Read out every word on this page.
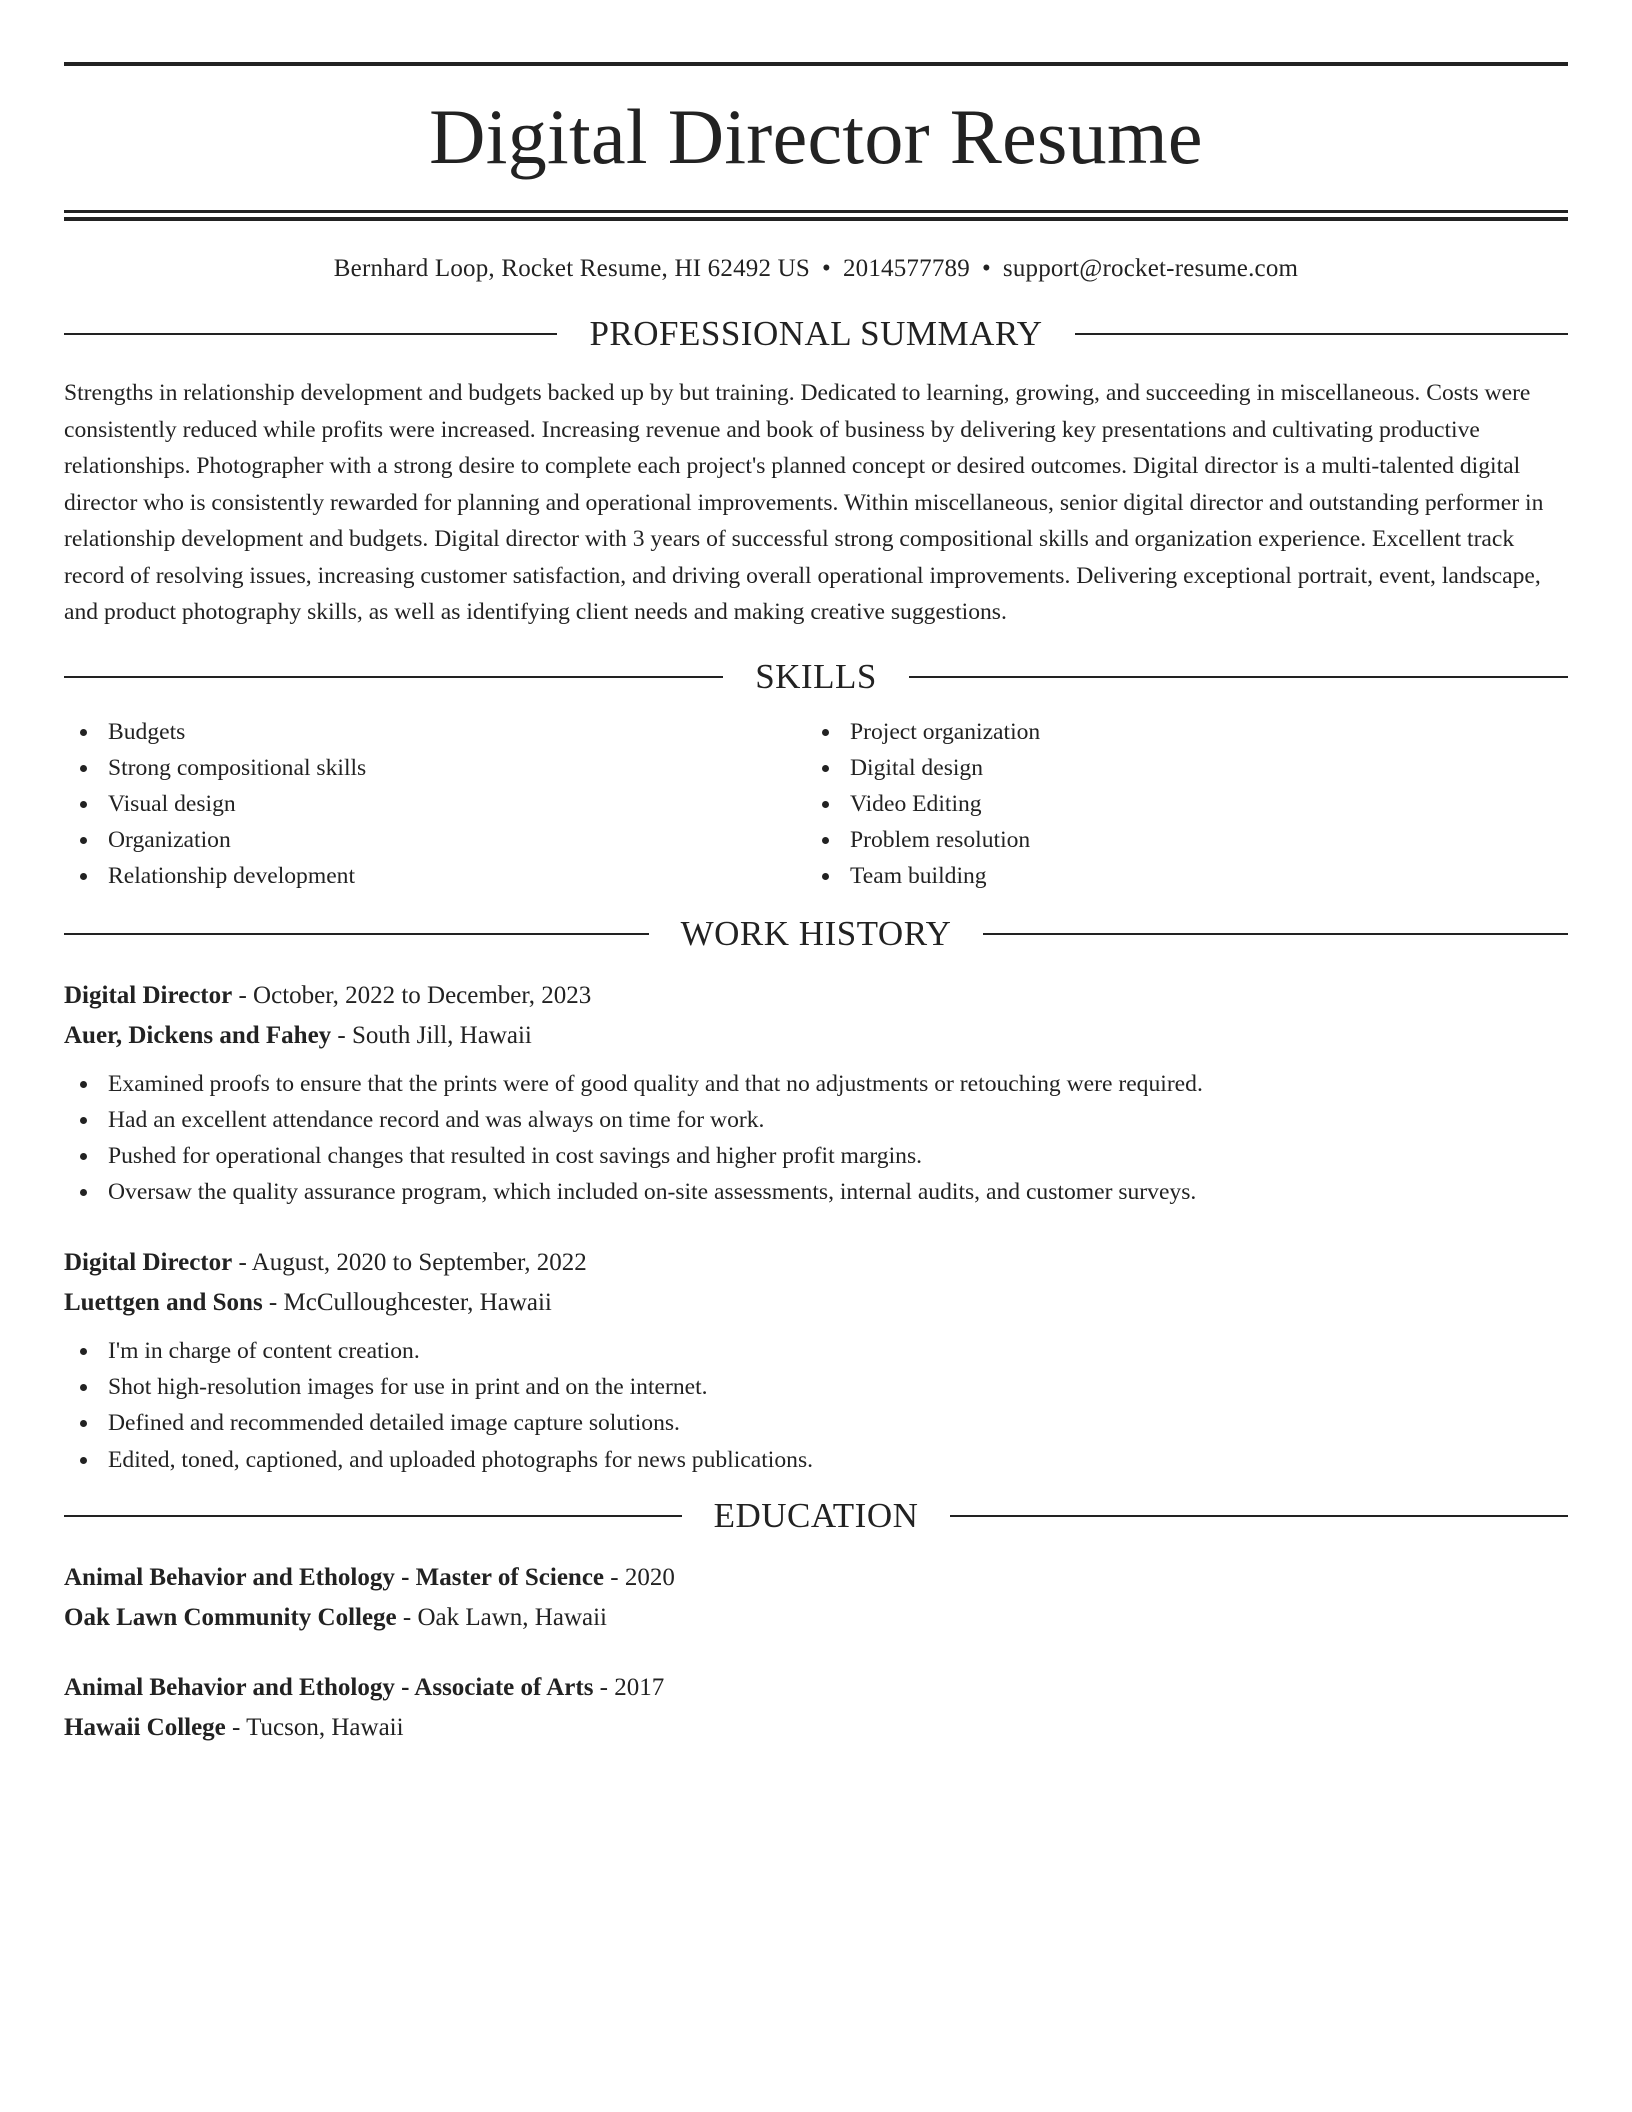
Digital Director Resume
Bernhard Loop, Rocket Resume, HI 62492 US • 2014577789 • support@rocket-resume.com
PROFESSIONAL SUMMARY
Strengths in relationship development and budgets backed up by but training. Dedicated to learning, growing, and succeeding in miscellaneous. Costs were consistently reduced while profits were increased. Increasing revenue and book of business by delivering key presentations and cultivating productive relationships. Photographer with a strong desire to complete each project's planned concept or desired outcomes. Digital director is a multi-talented digital director who is consistently rewarded for planning and operational improvements. Within miscellaneous, senior digital director and outstanding performer in relationship development and budgets. Digital director with 3 years of successful strong compositional skills and organization experience. Excellent track record of resolving issues, increasing customer satisfaction, and driving overall operational improvements. Delivering exceptional portrait, event, landscape, and product photography skills, as well as identifying client needs and making creative suggestions.
SKILLS
Budgets
Strong compositional skills
Visual design
Organization
Relationship development
Project organization
Digital design
Video Editing
Problem resolution
Team building
WORK HISTORY
Digital Director - October, 2022 to December, 2023
Auer, Dickens and Fahey - South Jill, Hawaii
Examined proofs to ensure that the prints were of good quality and that no adjustments or retouching were required.
Had an excellent attendance record and was always on time for work.
Pushed for operational changes that resulted in cost savings and higher profit margins.
Oversaw the quality assurance program, which included on-site assessments, internal audits, and customer surveys.
Digital Director - August, 2020 to September, 2022
Luettgen and Sons - McCulloughcester, Hawaii
I'm in charge of content creation.
Shot high-resolution images for use in print and on the internet.
Defined and recommended detailed image capture solutions.
Edited, toned, captioned, and uploaded photographs for news publications.
EDUCATION
Animal Behavior and Ethology - Master of Science - 2020
Oak Lawn Community College - Oak Lawn, Hawaii
Animal Behavior and Ethology - Associate of Arts - 2017
Hawaii College - Tucson, Hawaii
